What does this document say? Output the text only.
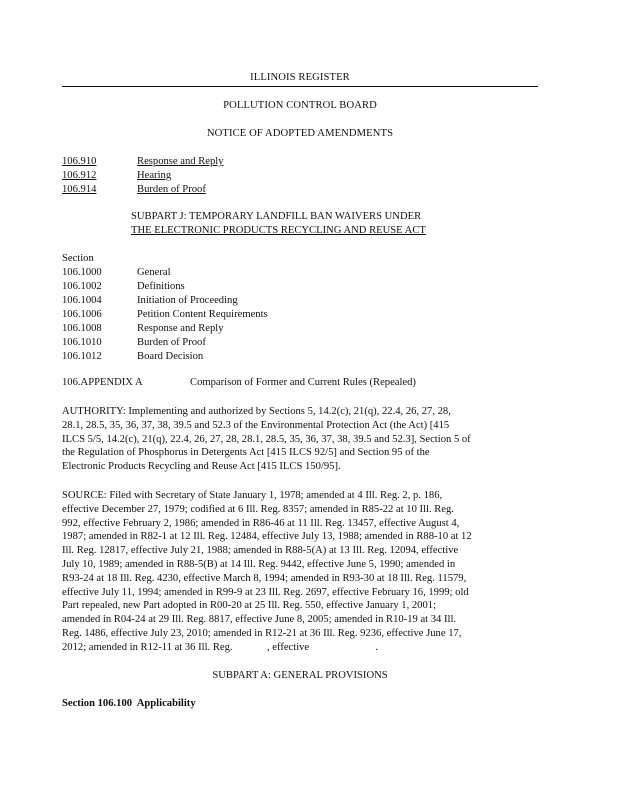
ILLINOIS REGISTER
POLLUTION CONTROL BOARD
NOTICE OF ADOPTED AMENDMENTS
106.910	Response and Reply
106.912	Hearing
106.914	Burden of Proof
SUBPART J: TEMPORARY LANDFILL BAN WAIVERS UNDER
THE ELECTRONIC PRODUCTS RECYCLING AND REUSE ACT
Section
106.1000	General
106.1002	Definitions
106.1004	Initiation of Proceeding
106.1006	Petition Content Requirements
106.1008	Response and Reply
106.1010	Burden of Proof
106.1012	Board Decision
106.APPENDIX A	Comparison of Former and Current Rules (Repealed)
AUTHORITY: Implementing and authorized by Sections 5, 14.2(c), 21(q), 22.4, 26, 27, 28,
28.1, 28.5, 35, 36, 37, 38, 39.5 and 52.3 of the Environmental Protection Act (the Act) [415
ILCS 5/5, 14.2(c), 21(q), 22.4, 26, 27, 28, 28.1, 28.5, 35, 36, 37, 38, 39.5 and 52.3], Section 5 of
the Regulation of Phosphorus in Detergents Act [415 ILCS 92/5] and Section 95 of the
Electronic Products Recycling and Reuse Act [415 ILCS 150/95].
SOURCE: Filed with Secretary of State January 1, 1978; amended at 4 Ill. Reg. 2, p. 186,
effective December 27, 1979; codified at 6 Ill. Reg. 8357; amended in R85-22 at 10 Ill. Reg.
992, effective February 2, 1986; amended in R86-46 at 11 Ill. Reg. 13457, effective August 4,
1987; amended in R82-1 at 12 Ill. Reg. 12484, effective July 13, 1988; amended in R88-10 at 12
Ill. Reg. 12817, effective July 21, 1988; amended in R88-5(A) at 13 Ill. Reg. 12094, effective
July 10, 1989; amended in R88-5(B) at 14 Ill. Reg. 9442, effective June 5, 1990; amended in
R93-24 at 18 Ill. Reg. 4230, effective March 8, 1994; amended in R93-30 at 18 Ill. Reg. 11579,
effective July 11, 1994; amended in R99-9 at 23 Ill. Reg. 2697, effective February 16, 1999; old
Part repealed, new Part adopted in R00-20 at 25 Ill. Reg. 550, effective January 1, 2001;
amended in R04-24 at 29 Ill. Reg. 8817, effective June 8, 2005; amended in R10-19 at 34 Ill.
Reg. 1486, effective July 23, 2010; amended in R12-21 at 36 Ill. Reg. 9236, effective June 17,
2012; amended in R12-11 at 36 Ill. Reg.             , effective                         .
SUBPART A: GENERAL PROVISIONS
Section 106.100  Applicability
